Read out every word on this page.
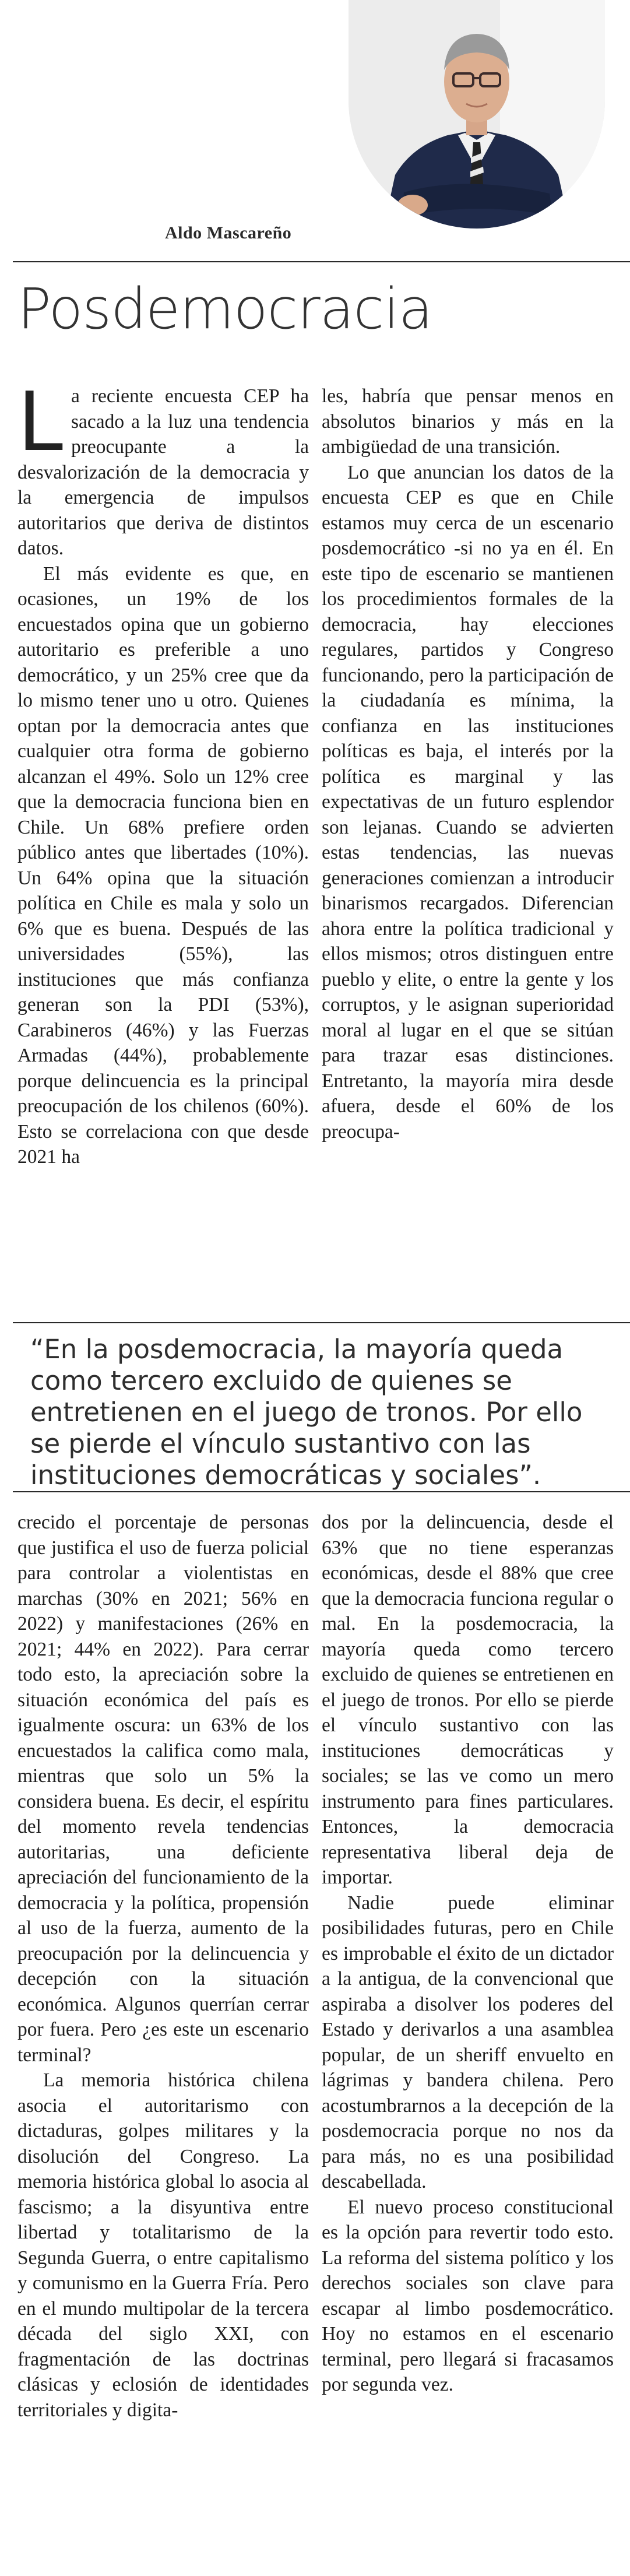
Aldo Mascareño
Posdemocracia

La reciente encuesta CEP ha sacado a la luz una tendencia preocupante a la desvalorización de la democracia y la emergencia de impulsos autoritarios que deriva de distintos datos.

El más evidente es que, en ocasiones, un 19% de los encuestados opina que un gobierno autoritario es preferible a uno democrático, y un 25% cree que da lo mismo tener uno u otro. Quienes optan por la democracia antes que cualquier otra forma de gobierno alcanzan el 49%. Solo un 12% cree que la democracia funciona bien en Chile. Un 68% prefiere orden público antes que libertades (10%). Un 64% opina que la situación política en Chile es mala y solo un 6% que es buena. Después de las universidades (55%), las instituciones que más confianza generan son la PDI (53%), Carabineros (46%) y las Fuerzas Armadas (44%), probablemente porque delincuencia es la principal preocupación de los chilenos (60%). Esto se correlaciona con que desde 2021 ha

les, habría que pensar menos en absolutos binarios y más en la ambigüedad de una transición.

Lo que anuncian los datos de la encuesta CEP es que en Chile estamos muy cerca de un escenario posdemocrático -si no ya en él. En este tipo de escenario se mantienen los procedimientos formales de la democracia, hay elecciones regulares, partidos y Congreso funcionando, pero la participación de la ciudadanía es mínima, la confianza en las instituciones políticas es baja, el interés por la política es marginal y las expectativas de un futuro esplendor son lejanas. Cuando se advierten estas tendencias, las nuevas generaciones comienzan a introducir binarismos recargados. Diferencian ahora entre la política tradicional y ellos mismos; otros distinguen entre pueblo y elite, o entre la gente y los corruptos, y le asignan superioridad moral al lugar en el que se sitúan para trazar esas distinciones. Entretanto, la mayoría mira desde afuera, desde el 60% de los preocupa-

“En la posdemocracia, la mayoría queda como tercero excluido de quienes se entretienen en el juego de tronos. Por ello se pierde el vínculo sustantivo con las instituciones democráticas y sociales”.

crecido el porcentaje de personas que justifica el uso de fuerza policial para controlar a violentistas en marchas (30% en 2021; 56% en 2022) y manifestaciones (26% en 2021; 44% en 2022). Para cerrar todo esto, la apreciación sobre la situación económica del país es igualmente oscura: un 63% de los encuestados la califica como mala, mientras que solo un 5% la considera buena. Es decir, el espíritu del momento revela tendencias autoritarias, una deficiente apreciación del funcionamiento de la democracia y la política, propensión al uso de la fuerza, aumento de la preocupación por la delincuencia y decepción con la situación económica. Algunos querrían cerrar por fuera. Pero ¿es este un escenario terminal?

La memoria histórica chilena asocia el autoritarismo con dictaduras, golpes militares y la disolución del Congreso. La memoria histórica global lo asocia al fascismo; a la disyuntiva entre libertad y totalitarismo de la Segunda Guerra, o entre capitalismo y comunismo en la Guerra Fría. Pero en el mundo multipolar de la tercera década del siglo XXI, con fragmentación de las doctrinas clásicas y eclosión de identidades territoriales y digita-

dos por la delincuencia, desde el 63% que no tiene esperanzas económicas, desde el 88% que cree que la democracia funciona regular o mal. En la posdemocracia, la mayoría queda como tercero excluido de quienes se entretienen en el juego de tronos. Por ello se pierde el vínculo sustantivo con las instituciones democráticas y sociales; se las ve como un mero instrumento para fines particulares. Entonces, la democracia representativa liberal deja de importar.

Nadie puede eliminar posibilidades futuras, pero en Chile es improbable el éxito de un dictador a la antigua, de la convencional que aspiraba a disolver los poderes del Estado y derivarlos a una asamblea popular, de un sheriff envuelto en lágrimas y bandera chilena. Pero acostumbrarnos a la decepción de la posdemocracia porque no nos da para más, no es una posibilidad descabellada.

El nuevo proceso constitucional es la opción para revertir todo esto. La reforma del sistema político y los derechos sociales son clave para escapar al limbo posdemocrático. Hoy no estamos en el escenario terminal, pero llegará si fracasamos por segunda vez.
